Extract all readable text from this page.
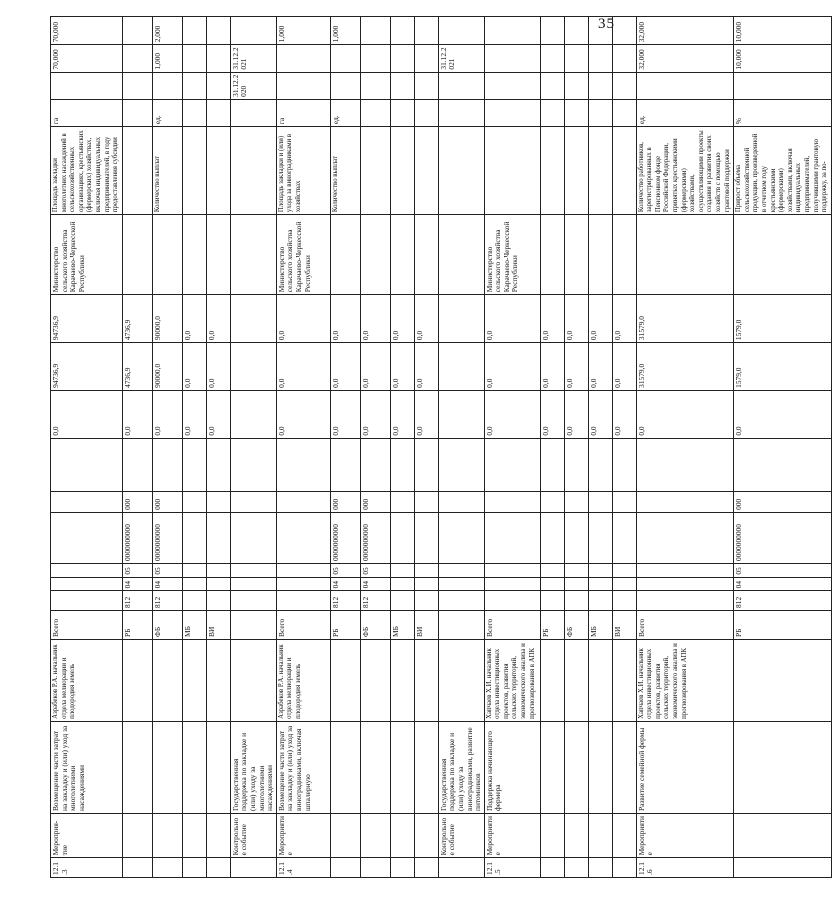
35
12.1.3	Мероприя-тие	Возмещение части затрат на закладку и (или) уход за многолетними насаждениями	Азрабеков Р.А. начальник отдела мелиорации и плодородия земель	Всего							0,0	94736,9	94736,9	Министерство сельского хозяйства Карачаево-Черкесской Республики	Площадь закладки многолетних насаждений в сельскохозяйственных организациях, крестьянских (фермерских) хозяйствах, включая индивидуальных предпринимателей, в году предоставления субсидии	га		70,000	70,000
				РБ	812	04	05	0000000000	000		0,0	4736,9	4736,9						
				ФБ	812	04	05	0000000000	000		0,0	90000,0	90000,0		Количество выплат	ед.		1,000	2,000
				МБ							0,0	0,0	0,0						
				ВИ							0,0	0,0	0,0						
	Контрольное событие	Государственная поддержка по закладке и (или) уходу за многолетними насаждениями															31.12.2020	31.12.2021	
12.1.4	Мероприятие	Возмещение части затрат на закладку и (или) уход за виноградниками, включая шпалерную	Азрабеков Р.А. начальник отдела мелиорации и плодородия земель	Всего							0,0	0,0	0,0	Министерство сельского хозяйства Карачаево-Черкесской Республики	Площадь закладки и (или) ухода за виноградниками в хозяйствах	га			1,000
				РБ	812	04	05	0000000000	000		0,0	0,0	0,0		Количество выплат	ед.			1,000
				ФБ	812	04	05	0000000000	000		0,0	0,0	0,0						
				МБ							0,0	0,0	0,0						
				ВИ							0,0	0,0	0,0						
	Контрольное событие	Государственная поддержка по закладке и (или) уходу за виноградниками, развитие питомников																31.12.2021	
12.1.5	Мероприятие	Поддержка начинающего фермера	Хапчаев Х.И. начальник отдела инвестиционных проектов, развития сельских территорий, экономического анализа и прогнозирования в АПК	Всего							0,0	0,0	0,0	Министерство сельского хозяйства Карачаево-Черкесской Республики					
				РБ							0,0	0,0	0,0						
				ФБ							0,0	0,0	0,0						
				МБ							0,0	0,0	0,0						
				ВИ							0,0	0,0	0,0						
12.1.6	Мероприятие	Развитие семейной фермы	Хапчаев Х.И. начальник отдела инвестиционных проектов, развития сельских территорий, экономического анализа и прогнозирования в АПК	Всего							0,0	31579,0	31579,0		Количество работников, зарегистрированных в Пенсионном фонде Российской Федерации, принятых крестьянскими (фермерскими) хозяйствами, осуществляющими проекты создания и развития своих хозяйств с помощью грантовой поддержки	ед.		32,000	32,000
				РБ	812	04	05	0000000000	000		0,0	1579,0	1579,0		Прирост объема сельскохозяйственной продукции, произведенной в отчетном году крестьянскими (фермерскими) хозяйствами, включая индивидуальных предпринимателей, получившими грантовую поддержку, за по-	%		10,000	10,000
